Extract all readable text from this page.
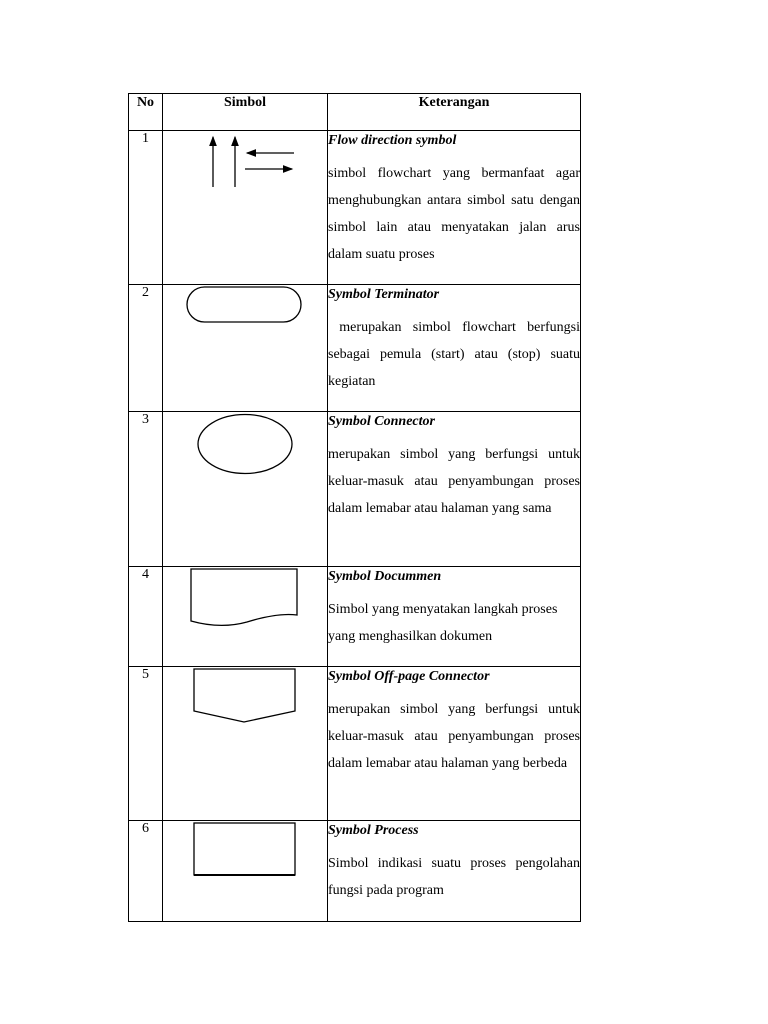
No	Simbol	Keterangan

1		Flow direction symbol
simbol flowchart yang bermanfaat agar menghubungkan antara simbol satu dengan simbol lain atau menyatakan jalan arus dalam suatu proses

2		Symbol Terminator
merupakan simbol flowchart berfungsi sebagai pemula (start) atau (stop) suatu kegiatan

3		Symbol Connector
merupakan simbol yang berfungsi untuk keluar-masuk atau penyambungan proses dalam lemabar atau halaman yang sama

4		Symbol Docummen
Simbol yang menyatakan langkah proses yang menghasilkan dokumen

5		Symbol Off-page Connector
merupakan simbol yang berfungsi untuk keluar-masuk atau penyambungan proses dalam lemabar atau halaman yang berbeda

6		Symbol Process
Simbol indikasi suatu proses pengolahan fungsi pada program
